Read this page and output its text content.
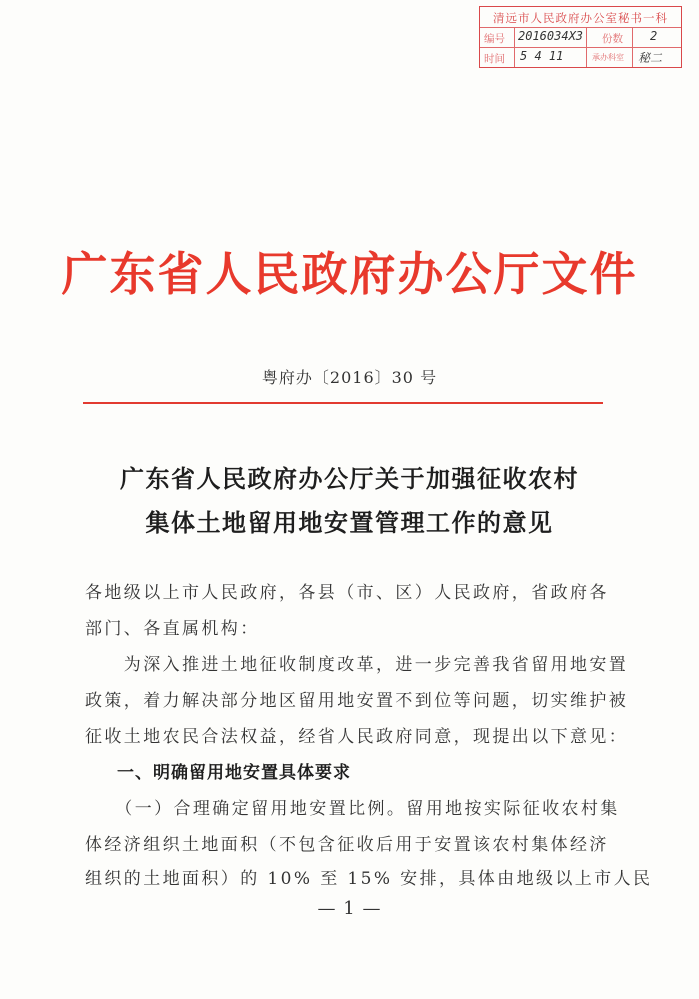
清远市人民政府办公室秘书一科
编号 2016034X3 份数 2
时间 5 4 11	承办科室 秘二
广东省人民政府办公厅文件
粤府办〔2016〕30 号
广东省人民政府办公厅关于加强征收农村
集体土地留用地安置管理工作的意见
各地级以上市人民政府，各县（市、区）人民政府，省政府各
部门、各直属机构：
　　为深入推进土地征收制度改革，进一步完善我省留用地安置
政策，着力解决部分地区留用地安置不到位等问题，切实维护被
征收土地农民合法权益，经省人民政府同意，现提出以下意见：
一、明确留用地安置具体要求
　　（一）合理确定留用地安置比例。留用地按实际征收农村集
体经济组织土地面积（不包含征收后用于安置该农村集体经济
组织的土地面积）的 10% 至 15% 安排，具体由地级以上市人民
— 1 —
